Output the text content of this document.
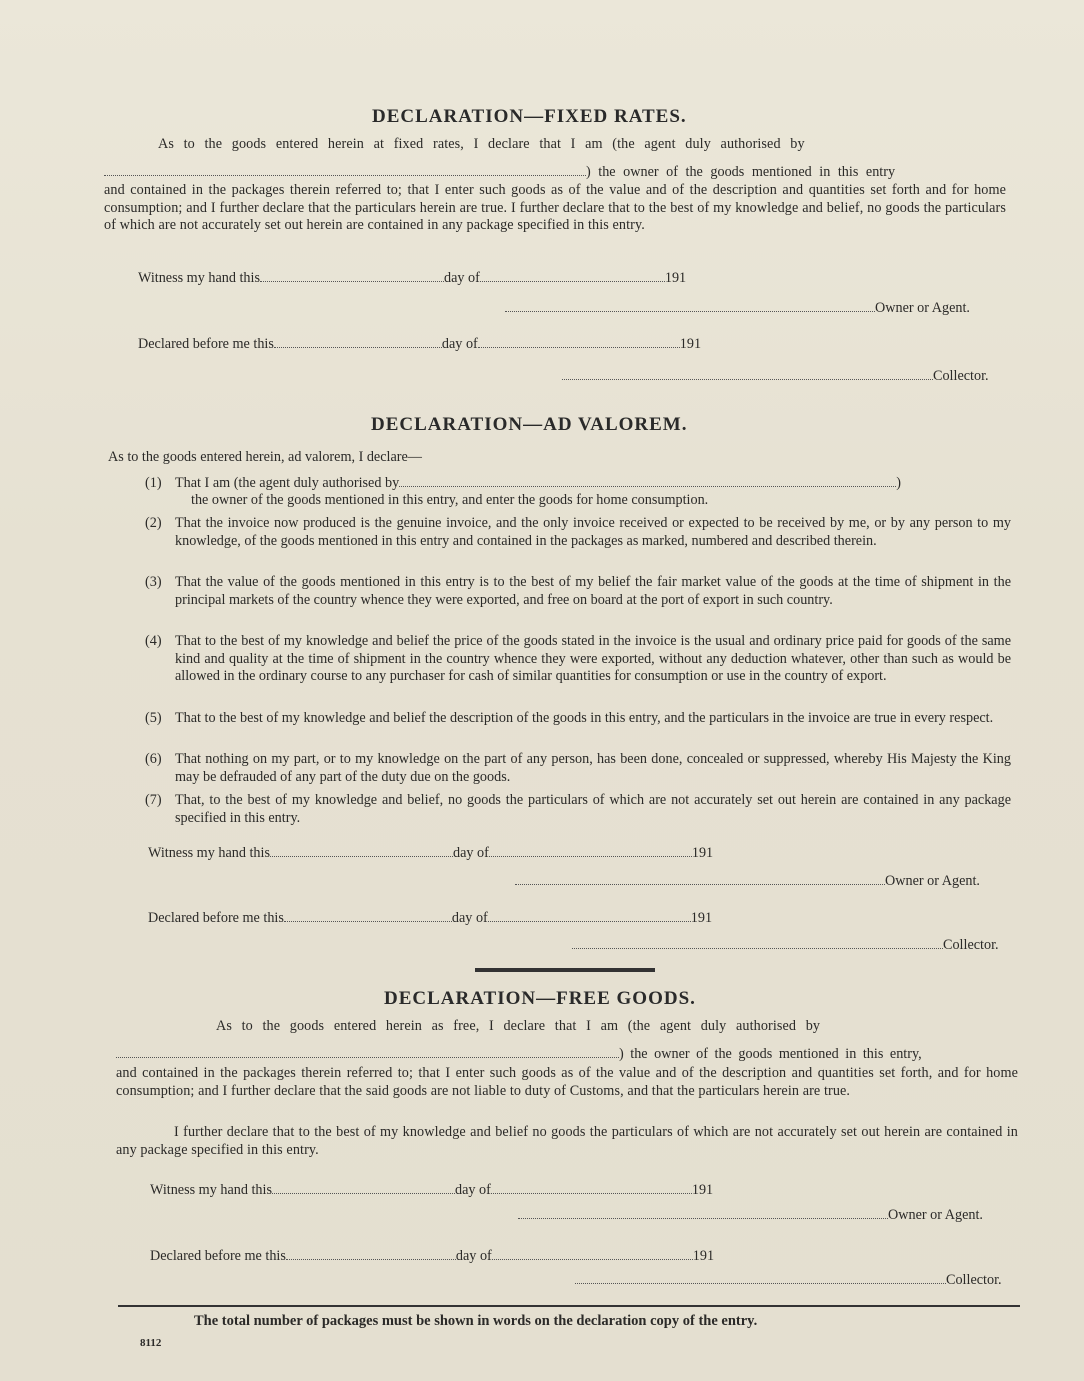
DECLARATION—FIXED RATES.
As to the goods entered herein at fixed rates, I declare that I am (the agent duly authorised by
) the owner of the goods mentioned in this entry
and contained in the packages therein referred to; that I enter such goods as of the value and of the description and quantities set forth and for home consumption; and I further declare that the particulars herein are true. I further declare that to the best of my knowledge and belief, no goods the particulars of which are not accurately set out herein are contained in any package specified in this entry.
Witness my hand this	day of	191
Owner or Agent.
Declared before me this	day of	191
Collector.
DECLARATION—AD VALOREM.
As to the goods entered herein, ad valorem, I declare—
(1) That I am (the agent duly authorised by	)
the owner of the goods mentioned in this entry, and enter the goods for home consumption.
(2) That the invoice now produced is the genuine invoice, and the only invoice received or expected to be received by me, or by any person to my knowledge, of the goods mentioned in this entry and contained in the packages as marked, numbered and described therein.
(3) That the value of the goods mentioned in this entry is to the best of my belief the fair market value of the goods at the time of shipment in the principal markets of the country whence they were exported, and free on board at the port of export in such country.
(4) That to the best of my knowledge and belief the price of the goods stated in the invoice is the usual and ordinary price paid for goods of the same kind and quality at the time of shipment in the country whence they were exported, without any deduction whatever, other than such as would be allowed in the ordinary course to any purchaser for cash of similar quantities for consumption or use in the country of export.
(5) That to the best of my knowledge and belief the description of the goods in this entry, and the particulars in the invoice are true in every respect.
(6) That nothing on my part, or to my knowledge on the part of any person, has been done, concealed or suppressed, whereby His Majesty the King may be defrauded of any part of the duty due on the goods.
(7) That, to the best of my knowledge and belief, no goods the particulars of which are not accurately set out herein are contained in any package specified in this entry.
Witness my hand this	day of	191
Owner or Agent.
Declared before me this	day of	191
Collector.
DECLARATION—FREE GOODS.
As to the goods entered herein as free, I declare that I am (the agent duly authorised by
) the owner of the goods mentioned in this entry,
and contained in the packages therein referred to; that I enter such goods as of the value and of the description and quantities set forth, and for home consumption; and I further declare that the said goods are not liable to duty of Customs, and that the particulars herein are true.
I further declare that to the best of my knowledge and belief no goods the particulars of which are not accurately set out herein are contained in any package specified in this entry.
Witness my hand this	day of	191
Owner or Agent.
Declared before me this	day of	191
Collector.
The total number of packages must be shown in words on the declaration copy of the entry.
8112
